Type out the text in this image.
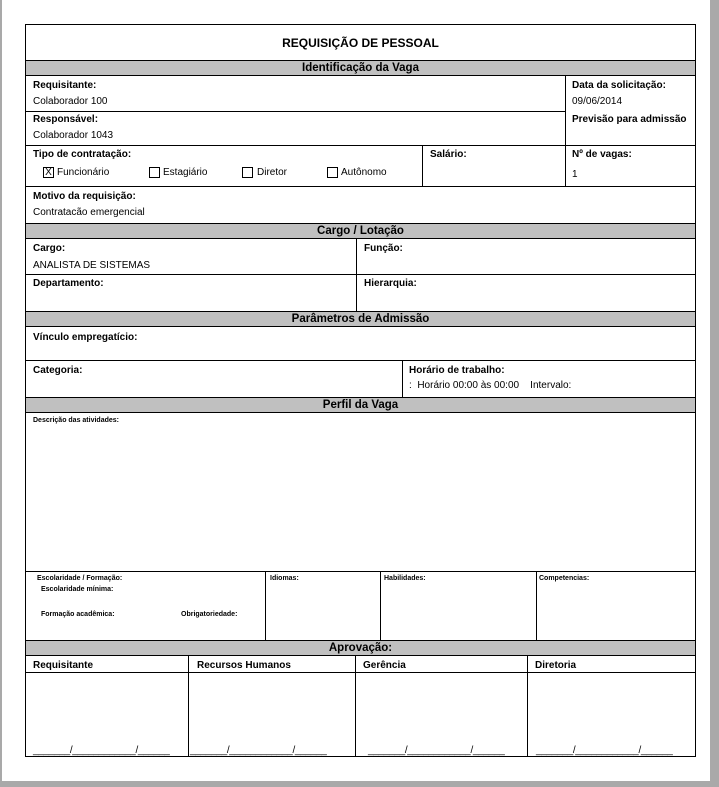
REQUISIÇÃO DE PESSOAL
Identificação da Vaga
Requisitante:
Colaborador 100
Data da solicitação:
09/06/2014
Responsável:
Colaborador 1043
Previsão para admissão
Tipo de contratação:
X Funcionário	Estagiário	Diretor	Autônomo
Salário:	Nº de vagas:
1
Motivo da requisição:
Contratacão emergencial
Cargo / Lotação
Cargo:
ANALISTA DE SISTEMAS
Função:
Departamento:	Hierarquia:
Parâmetros de Admissão
Vínculo empregatício:
Categoria:	Horário de trabalho:
:  Horário 00:00 às 00:00    Intervalo:
Perfil da Vaga
Descrição das atividades:
Escolaridade / Formação:
Escolaridade mínima:
Formação acadêmica:	Obrigatoriedade:
Idiomas:	Habilidades:	Competencias:
Aprovação:
Requisitante	Recursos Humanos	Gerência	Diretoria
_______/____________/______ _______/____________/______	_______/____________/______	_______/____________/______
